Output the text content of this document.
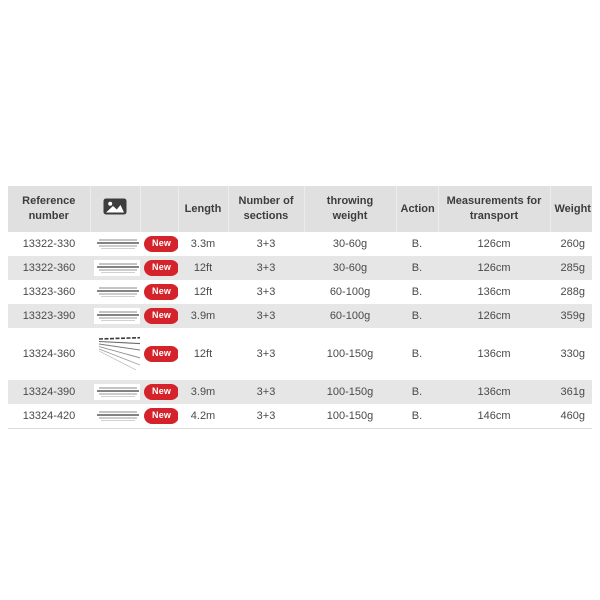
Reference number			Length	Number of sections	throwing weight	Action	Measurements for transport	Weight
13322-330		New	3.3m	3+3	30-60g	B.	126cm	260g
13322-360		New	12ft	3+3	30-60g	B.	126cm	285g
13323-360		New	12ft	3+3	60-100g	B.	136cm	288g
13323-390		New	3.9m	3+3	60-100g	B.	126cm	359g
13324-360		New	12ft	3+3	100-150g	B.	136cm	330g
13324-390		New	3.9m	3+3	100-150g	B.	136cm	361g
13324-420		New	4.2m	3+3	100-150g	B.	146cm	460g
